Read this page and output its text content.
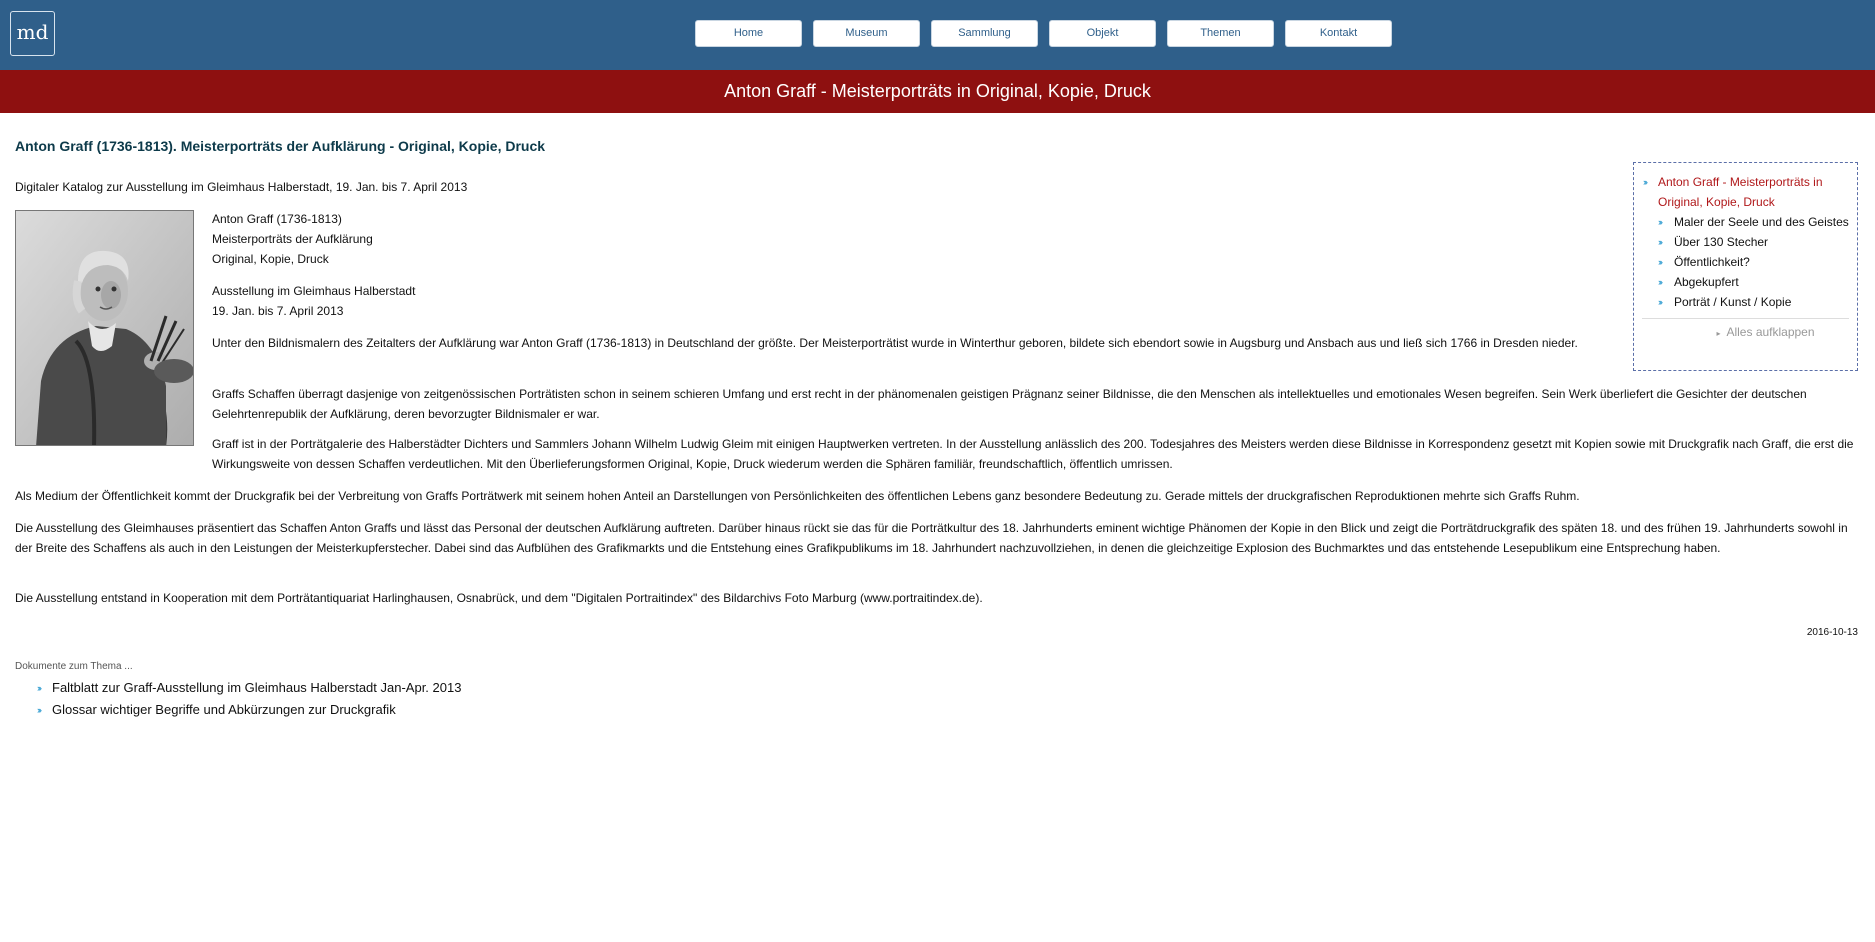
md	Home	Museum	Sammlung	Objekt	Themen	Kontakt
Anton Graff - Meisterporträts in Original, Kopie, Druck
Anton Graff (1736-1813). Meisterporträts der Aufklärung - Original, Kopie, Druck
Digitaler Katalog zur Ausstellung im Gleimhaus Halberstadt, 19. Jan. bis 7. April 2013

Anton Graff (1736-1813)

Meisterporträts der Aufklärung

Original, Kopie, Druck

Ausstellung im Gleimhaus Halberstadt

19. Jan. bis 7. April 2013

Unter den Bildnismalern des Zeitalters der Aufklärung war Anton Graff (1736-1813) in Deutschland der größte. Der Meisterporträtist wurde in Winterthur geboren, bildete sich ebendort sowie in Augsburg und Ansbach aus und ließ sich 1766 in Dresden nieder.

Graffs Schaffen überragt dasjenige von zeitgenössischen Porträtisten schon in seinem schieren Umfang und erst recht in der phänomenalen geistigen Prägnanz seiner Bildnisse, die den Menschen als intellektuelles und emotionales Wesen begreifen. Sein Werk überliefert die Gesichter der deutschen Gelehrtenrepublik der Aufklärung, deren bevorzugter Bildnismaler er war.

Graff ist in der Porträtgalerie des Halberstädter Dichters und Sammlers Johann Wilhelm Ludwig Gleim mit einigen Hauptwerken vertreten. In der Ausstellung anlässlich des 200. Todesjahres des Meisters werden diese Bildnisse in Korrespondenz gesetzt mit Kopien sowie mit Druckgrafik nach Graff, die erst die Wirkungsweite von dessen Schaffen verdeutlichen. Mit den Überlieferungsformen Original, Kopie, Druck wiederum werden die Sphären familiär, freundschaftlich, öffentlich umrissen.

Als Medium der Öffentlichkeit kommt der Druckgrafik bei der Verbreitung von Graffs Porträtwerk mit seinem hohen Anteil an Darstellungen von Persönlichkeiten des öffentlichen Lebens ganz besondere Bedeutung zu. Gerade mittels der druckgrafischen Reproduktionen mehrte sich Graffs Ruhm.

Die Ausstellung des Gleimhauses präsentiert das Schaffen Anton Graffs und lässt das Personal der deutschen Aufklärung auftreten. Darüber hinaus rückt sie das für die Porträtkultur des 18. Jahrhunderts eminent wichtige Phänomen der Kopie in den Blick und zeigt die Porträtdruckgrafik des späten 18. und des frühen 19. Jahrhunderts sowohl in der Breite des Schaffens als auch in den Leistungen der Meisterkupferstecher. Dabei sind das Aufblühen des Grafikmarkts und die Entstehung eines Grafikpublikums im 18. Jahrhundert nachzuvollziehen, in denen die gleichzeitige Explosion des Buchmarktes und das entstehende Lesepublikum eine Entsprechung haben.

Die Ausstellung entstand in Kooperation mit dem Porträtantiquariat Harlinghausen, Osnabrück, und dem "Digitalen Portraitindex" des Bildarchivs Foto Marburg (www.portraitindex.de).

2016-10-13
Dokumente zum Thema ...
››› Faltblatt zur Graff-Ausstellung im Gleimhaus Halberstadt Jan-Apr. 2013
››› Glossar wichtiger Begriffe und Abkürzungen zur Druckgrafik
›››	Anton Graff - Meisterporträts in Original, Kopie, Druck
›››	Maler der Seele und des Geistes
›››	Über 130 Stecher
›››	Öffentlichkeit?
›››	Abgekupfert
›››	Porträt / Kunst / Kopie
▸ Alles aufklappen
